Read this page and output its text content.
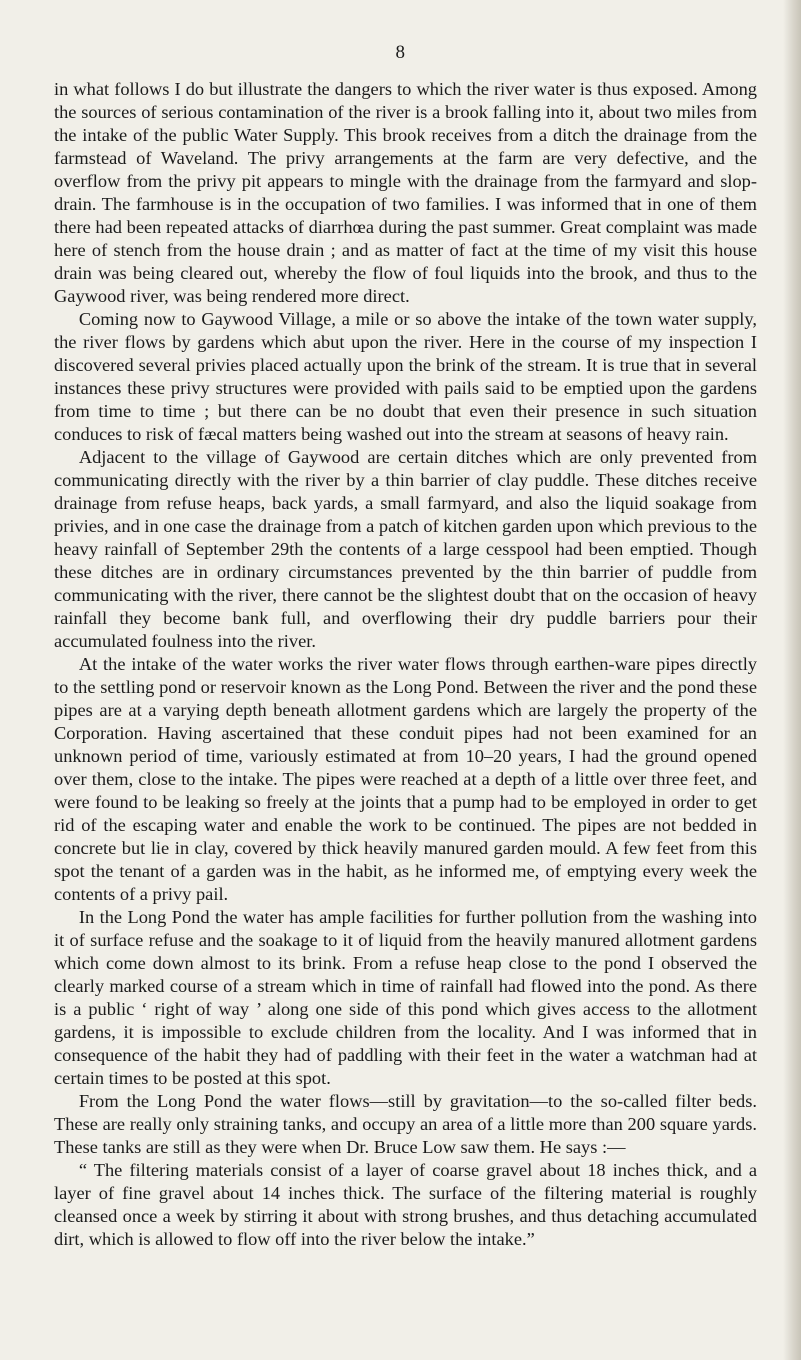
8

in what follows I do but illustrate the dangers to which the river water is thus exposed. Among the sources of serious contamination of the river is a brook falling into it, about two miles from the intake of the public Water Supply. This brook receives from a ditch the drainage from the farmstead of Waveland. The privy arrangements at the farm are very defective, and the overflow from the privy pit appears to mingle with the drainage from the farmyard and slop-drain. The farmhouse is in the occupation of two families. I was informed that in one of them there had been repeated attacks of diarrhœa during the past summer. Great complaint was made here of stench from the house drain ; and as matter of fact at the time of my visit this house drain was being cleared out, whereby the flow of foul liquids into the brook, and thus to the Gaywood river, was being rendered more direct.

Coming now to Gaywood Village, a mile or so above the intake of the town water supply, the river flows by gardens which abut upon the river. Here in the course of my inspection I discovered several privies placed actually upon the brink of the stream. It is true that in several instances these privy structures were provided with pails said to be emptied upon the gardens from time to time ; but there can be no doubt that even their presence in such situation conduces to risk of fæcal matters being washed out into the stream at seasons of heavy rain.

Adjacent to the village of Gaywood are certain ditches which are only prevented from communicating directly with the river by a thin barrier of clay puddle. These ditches receive drainage from refuse heaps, back yards, a small farmyard, and also the liquid soakage from privies, and in one case the drainage from a patch of kitchen garden upon which previous to the heavy rainfall of September 29th the contents of a large cesspool had been emptied. Though these ditches are in ordinary circumstances prevented by the thin barrier of puddle from communicating with the river, there cannot be the slightest doubt that on the occasion of heavy rainfall they become bank full, and overflowing their dry puddle barriers pour their accumulated foulness into the river.

At the intake of the water works the river water flows through earthen-ware pipes directly to the settling pond or reservoir known as the Long Pond. Between the river and the pond these pipes are at a varying depth beneath allotment gardens which are largely the property of the Corporation. Having ascertained that these conduit pipes had not been examined for an unknown period of time, variously estimated at from 10–20 years, I had the ground opened over them, close to the intake. The pipes were reached at a depth of a little over three feet, and were found to be leaking so freely at the joints that a pump had to be employed in order to get rid of the escaping water and enable the work to be continued. The pipes are not bedded in concrete but lie in clay, covered by thick heavily manured garden mould. A few feet from this spot the tenant of a garden was in the habit, as he informed me, of emptying every week the contents of a privy pail.

In the Long Pond the water has ample facilities for further pollution from the washing into it of surface refuse and the soakage to it of liquid from the heavily manured allotment gardens which come down almost to its brink. From a refuse heap close to the pond I observed the clearly marked course of a stream which in time of rainfall had flowed into the pond. As there is a public ‘ right of way ’ along one side of this pond which gives access to the allotment gardens, it is impossible to exclude children from the locality. And I was informed that in consequence of the habit they had of paddling with their feet in the water a watchman had at certain times to be posted at this spot.

From the Long Pond the water flows—still by gravitation—to the so-called filter beds. These are really only straining tanks, and occupy an area of a little more than 200 square yards. These tanks are still as they were when Dr. Bruce Low saw them. He says :—

“ The filtering materials consist of a layer of coarse gravel about 18 inches thick, and a layer of fine gravel about 14 inches thick. The surface of the filtering material is roughly cleansed once a week by stirring it about with strong brushes, and thus detaching accumulated dirt, which is allowed to flow off into the river below the intake.”
